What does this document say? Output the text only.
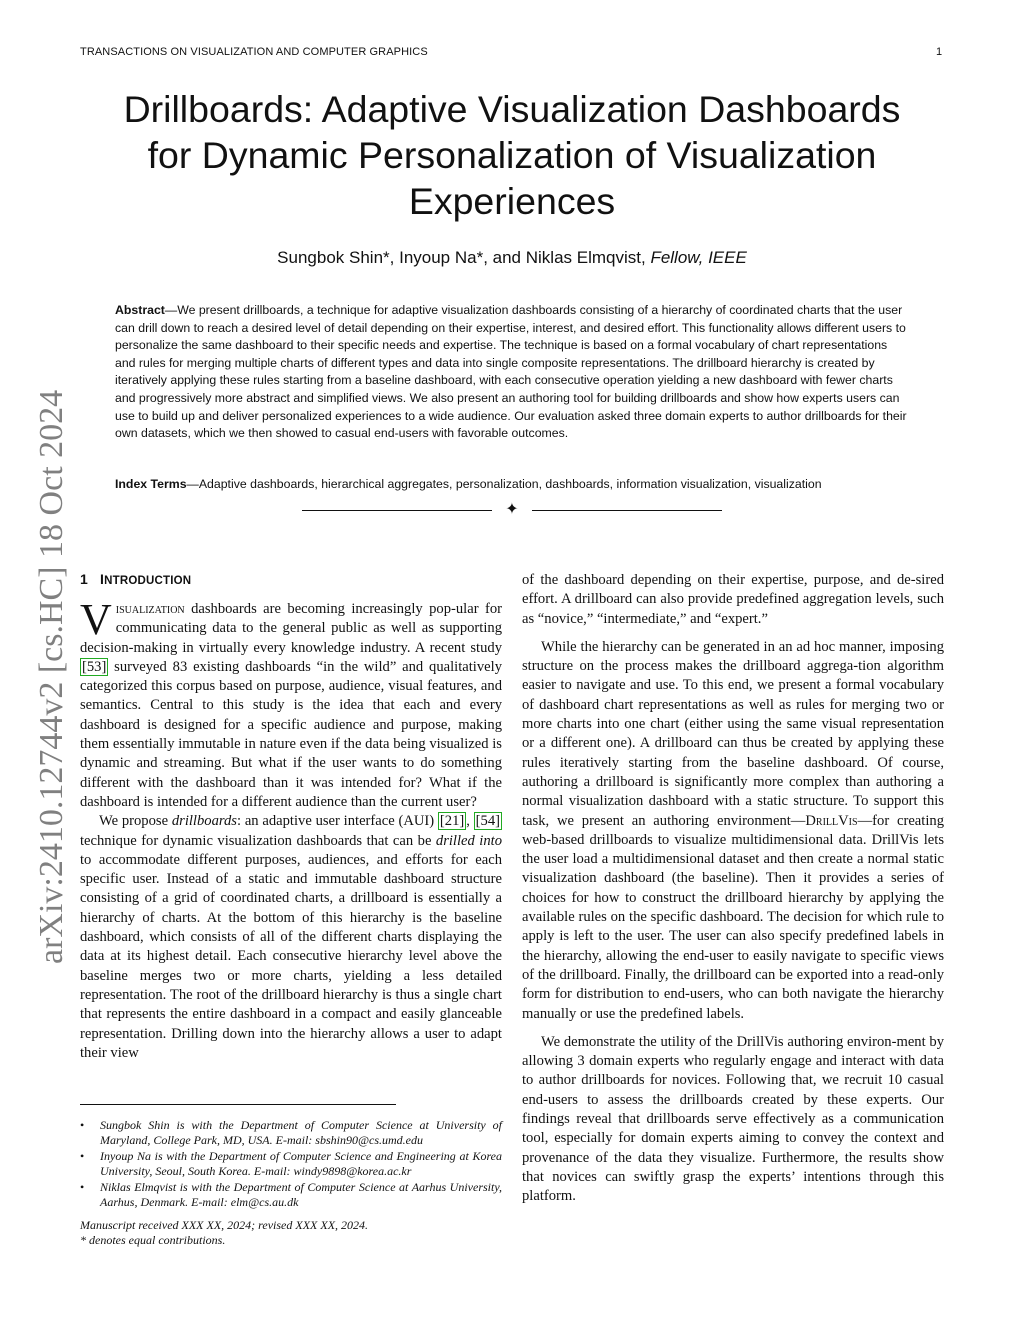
TRANSACTIONS ON VISUALIZATION AND COMPUTER GRAPHICS	1
Drillboards: Adaptive Visualization Dashboards
for Dynamic Personalization of Visualization
Experiences
Sungbok Shin*, Inyoup Na*, and Niklas Elmqvist, Fellow, IEEE

Abstract—We present drillboards, a technique for adaptive visualization dashboards consisting of a hierarchy of coordinated charts that the user can drill down to reach a desired level of detail depending on their expertise, interest, and desired effort. This functionality allows different users to personalize the same dashboard to their specific needs and expertise. The technique is based on a formal vocabulary of chart representations and rules for merging multiple charts of different types and data into single composite representations. The drillboard hierarchy is created by iteratively applying these rules starting from a baseline dashboard, with each consecutive operation yielding a new dashboard with fewer charts and progressively more abstract and simplified views. We also present an authoring tool for building drillboards and show how experts users can use to build up and deliver personalized experiences to a wide audience. Our evaluation asked three domain experts to author drillboards for their own datasets, which we then showed to casual end-users with favorable outcomes.

Index Terms—Adaptive dashboards, hierarchical aggregates, personalization, dashboards, information visualization, visualization

✦
arXiv:2410.12744v2 [cs.HC] 18 Oct 2024 1 INTRODUCTION

Visualization dashboards are becoming increasingly pop-ular for communicating data to the general public as well as supporting decision-making in virtually every knowledge industry. A recent study [53] surveyed 83 existing dashboards “in the wild” and qualitatively categorized this corpus based on purpose, audience, visual features, and semantics. Central to this study is the idea that each and every dashboard is designed for a specific audience and purpose, making them essentially immutable in nature even if the data being visualized is dynamic and streaming. But what if the user wants to do something different with the dashboard than it was intended for? What if the dashboard is intended for a different audience than the current user?

We propose drillboards: an adaptive user interface (AUI) [21] , [54] technique for dynamic visualization dashboards that can be drilled into to accommodate different purposes, audiences, and efforts for each specific user. Instead of a static and immutable dashboard structure consisting of a grid of coordinated charts, a drillboard is essentially a hierarchy of charts. At the bottom of this hierarchy is the baseline dashboard, which consists of all of the different charts displaying the data at its highest detail. Each consecutive hierarchy level above the baseline merges two or more charts, yielding a less detailed representation. The root of the drillboard hierarchy is thus a single chart that represents the entire dashboard in a compact and easily glanceable representation. Drilling down into the hierarchy allows a user to adapt their view

of the dashboard depending on their expertise, purpose, and de-sired effort. A drillboard can also provide predefined aggregation levels, such as “novice,” “intermediate,” and “expert.”

While the hierarchy can be generated in an ad hoc manner, imposing structure on the process makes the drillboard aggrega-tion algorithm easier to navigate and use. To this end, we present a formal vocabulary of dashboard chart representations as well as rules for merging two or more charts into one chart (either using the same visual representation or a different one). A drillboard can thus be created by applying these rules iteratively starting from the baseline dashboard. Of course, authoring a drillboard is significantly more complex than authoring a normal visualization dashboard with a static structure. To support this task, we present an authoring environment—DrillVis—for creating web-based drillboards to visualize multidimensional data. DrillVis lets the user load a multidimensional dataset and then create a normal static visualization dashboard (the baseline). Then it provides a series of choices for how to construct the drillboard hierarchy by applying the available rules on the specific dashboard. The decision for which rule to apply is left to the user. The user can also specify predefined labels in the hierarchy, allowing the end-user to easily navigate to specific views of the drillboard. Finally, the drillboard can be exported into a read-only form for distribution to end-users, who can both navigate the hierarchy manually or use the predefined labels.

We demonstrate the utility of the DrillVis authoring environ-ment by allowing 3 domain experts who regularly engage and interact with data to author drillboards for novices. Following that, we recruit 10 casual end-users to assess the drillboards created by these experts. Our findings reveal that drillboards serve effectively as a communication tool, especially for domain experts aiming to convey the context and provenance of the data they visualize. Furthermore, the results show that novices can swiftly grasp the experts’ intentions through this platform.

• Sungbok Shin is with the Department of Computer Science at University of Maryland, College Park, MD, USA. E-mail: sbshin90@cs.umd.edu
• Inyoup Na is with the Department of Computer Science and Engineering at Korea University, Seoul, South Korea. E-mail: windy9898@korea.ac.kr
• Niklas Elmqvist is with the Department of Computer Science at Aarhus University, Aarhus, Denmark. E-mail: elm@cs.au.dk
Manuscript received XXX XX, 2024; revised XXX XX, 2024.
* denotes equal contributions.
